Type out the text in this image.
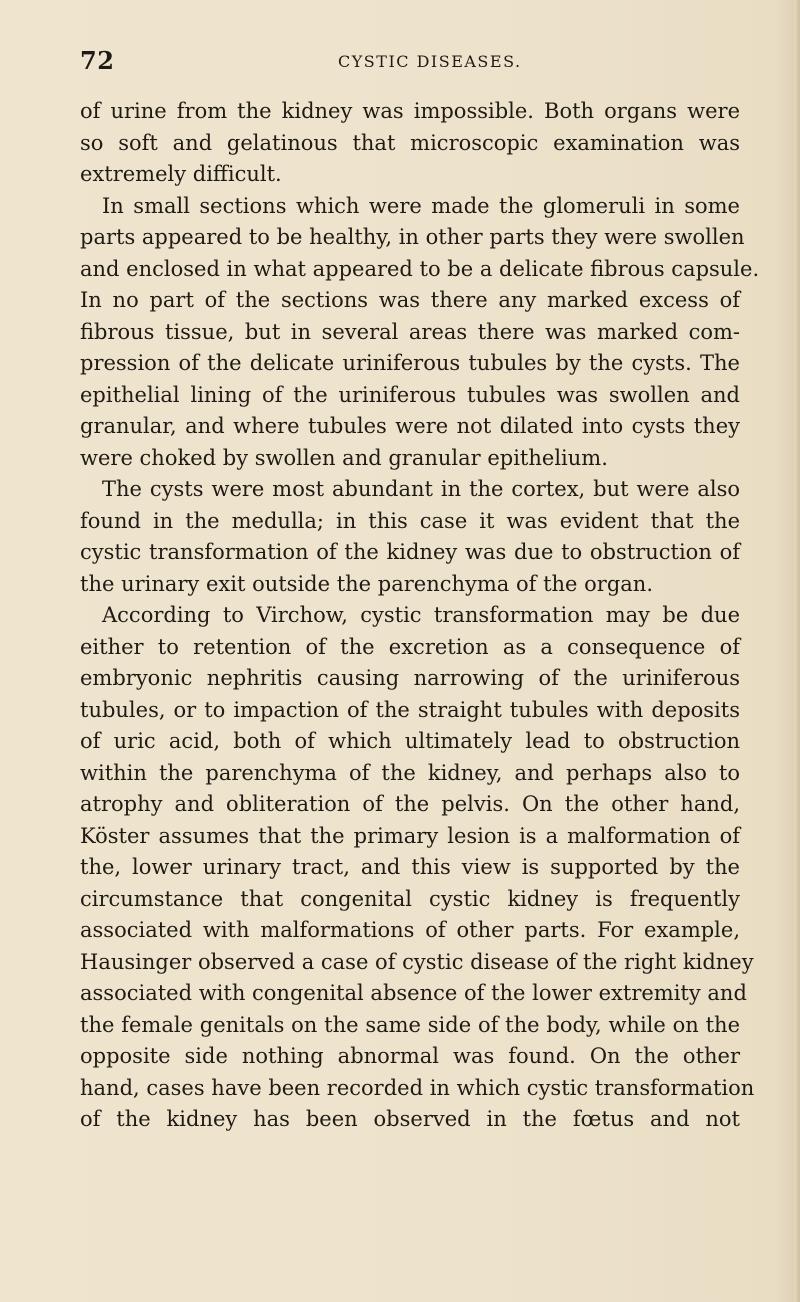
72	CYSTIC DISEASES.
of urine from the kidney was impossible. Both organs were
so soft and gelatinous that microscopic examination was
extremely difficult.
In small sections which were made the glomeruli in some
parts appeared to be healthy, in other parts they were swollen
and enclosed in what appeared to be a delicate fibrous capsule.
In no part of the sections was there any marked excess of
fibrous tissue, but in several areas there was marked com-
pression of the delicate uriniferous tubules by the cysts. The
epithelial lining of the uriniferous tubules was swollen and
granular, and where tubules were not dilated into cysts they
were choked by swollen and granular epithelium.
The cysts were most abundant in the cortex, but were also
found in the medulla; in this case it was evident that the
cystic transformation of the kidney was due to obstruction of
the urinary exit outside the parenchyma of the organ.
According to Virchow, cystic transformation may be due
either to retention of the excretion as a consequence of
embryonic nephritis causing narrowing of the uriniferous
tubules, or to impaction of the straight tubules with deposits
of uric acid, both of which ultimately lead to obstruction
within the parenchyma of the kidney, and perhaps also to
atrophy and obliteration of the pelvis. On the other hand,
Köster assumes that the primary lesion is a malformation of
the, lower urinary tract, and this view is supported by the
circumstance that congenital cystic kidney is frequently
associated with malformations of other parts. For example,
Hausinger observed a case of cystic disease of the right kidney
associated with congenital absence of the lower extremity and
the female genitals on the same side of the body, while on the
opposite side nothing abnormal was found. On the other
hand, cases have been recorded in which cystic transformation
of the kidney has been observed in the fœtus and not
